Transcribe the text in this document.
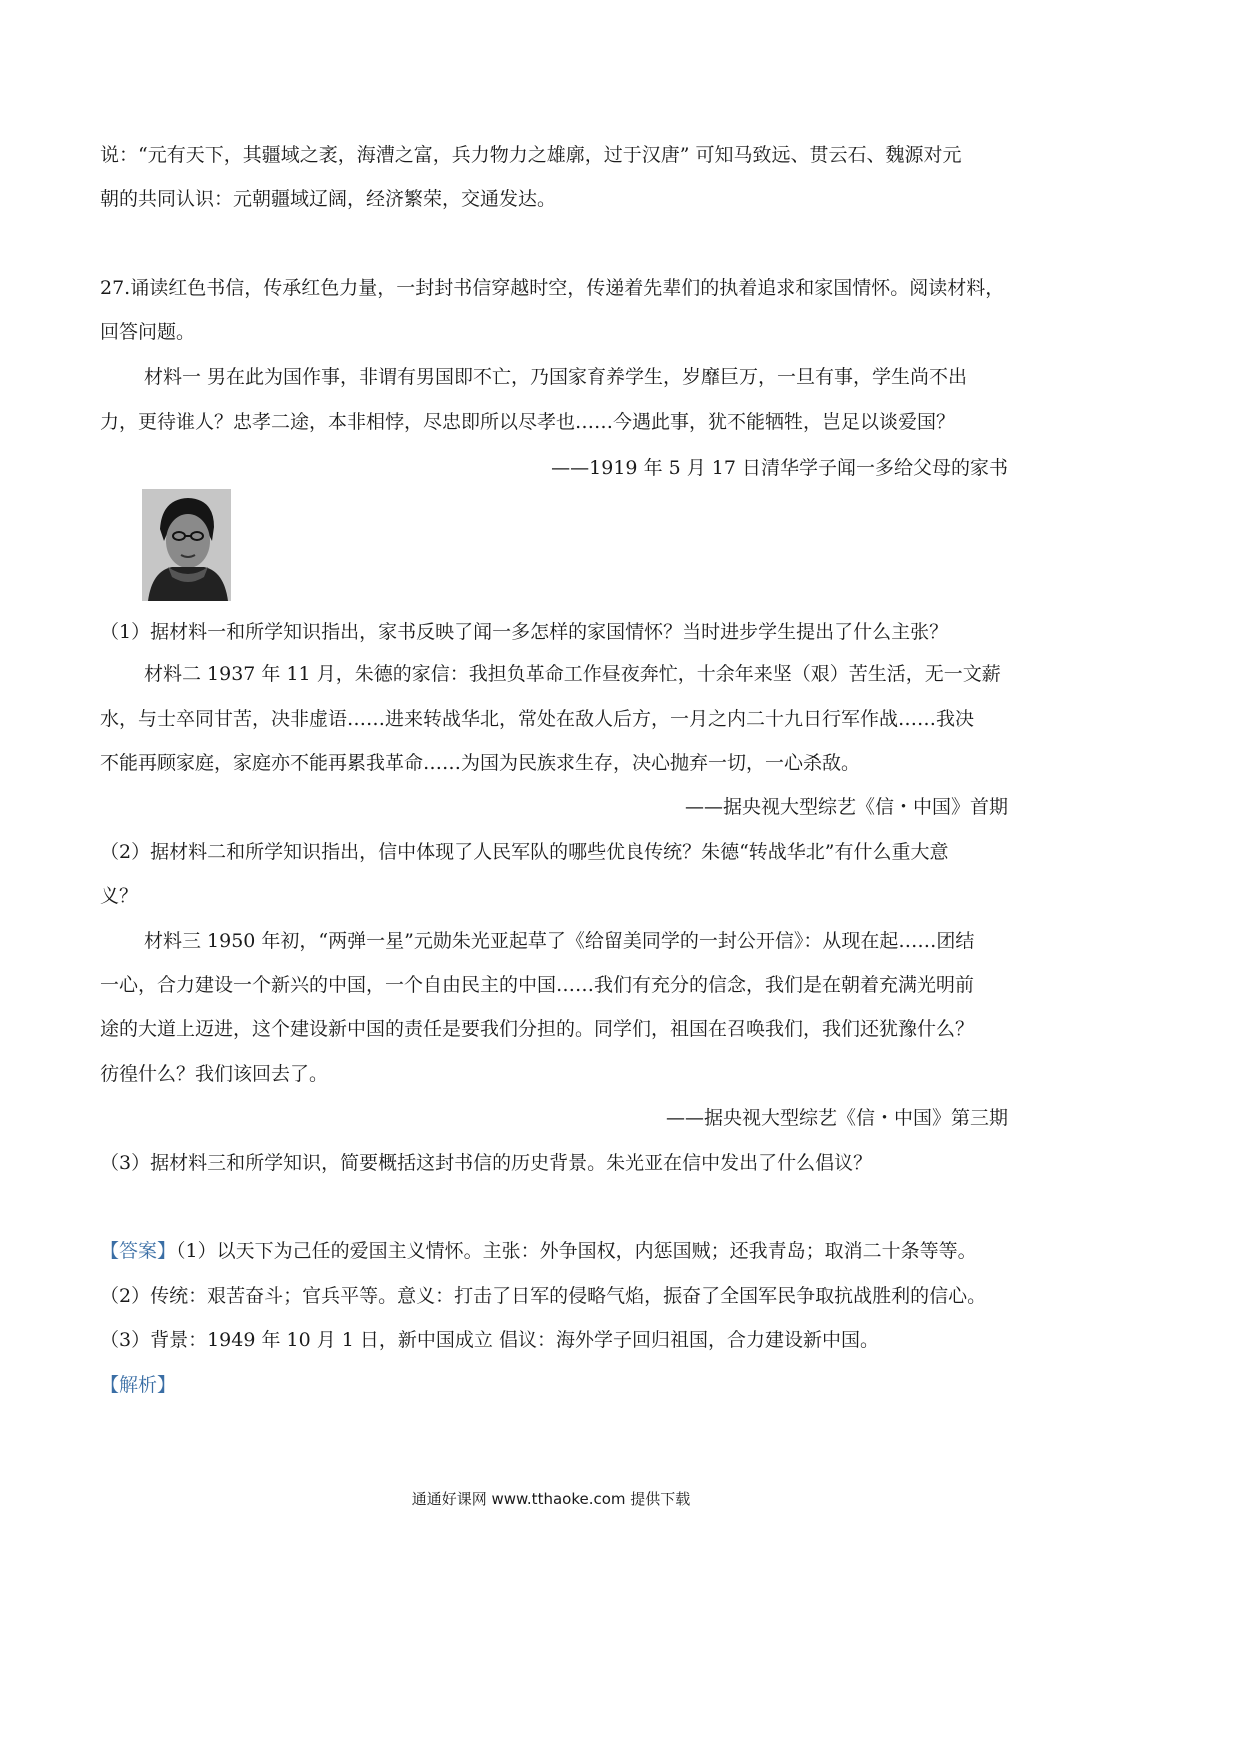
说：“元有天下，其疆域之袤，海漕之富，兵力物力之雄廓，过于汉唐” 可知马致远、贯云石、魏源对元
朝的共同认识：元朝疆域辽阔，经济繁荣，交通发达。
27.诵读红色书信，传承红色力量，一封封书信穿越时空，传递着先辈们的执着追求和家国情怀。阅读材料，
回答问题。
材料一 男在此为国作事，非谓有男国即不亡，乃国家育养学生，岁靡巨万，一旦有事，学生尚不出
力，更待谁人？忠孝二途，本非相悖，尽忠即所以尽孝也……今遇此事，犹不能牺牲，岂足以谈爱国？
——1919 年 5 月 17 日清华学子闻一多给父母的家书
（1）据材料一和所学知识指出，家书反映了闻一多怎样的家国情怀？当时进步学生提出了什么主张？
材料二 1937 年 11 月，朱德的家信：我担负革命工作昼夜奔忙，十余年来坚（艰）苦生活，无一文薪
水，与士卒同甘苦，决非虚语……进来转战华北，常处在敌人后方，一月之内二十九日行军作战……我决
不能再顾家庭，家庭亦不能再累我革命……为国为民族求生存，决心抛弃一切，一心杀敌。
——据央视大型综艺《信・中国》首期
（2）据材料二和所学知识指出，信中体现了人民军队的哪些优良传统？朱德“转战华北”有什么重大意
义？
材料三 1950 年初，“两弹一星”元勋朱光亚起草了《给留美同学的一封公开信》：从现在起……团结
一心，合力建设一个新兴的中国，一个自由民主的中国……我们有充分的信念，我们是在朝着充满光明前
途的大道上迈进，这个建设新中国的责任是要我们分担的。同学们，祖国在召唤我们，我们还犹豫什么？
彷徨什么？我们该回去了。
——据央视大型综艺《信・中国》第三期
（3）据材料三和所学知识，简要概括这封书信的历史背景。朱光亚在信中发出了什么倡议？
【答案】（1）以天下为己任的爱国主义情怀。主张：外争国权，内惩国贼；还我青岛；取消二十条等等。
（2）传统：艰苦奋斗；官兵平等。意义：打击了日军的侵略气焰，振奋了全国军民争取抗战胜利的信心。
（3）背景：1949 年 10 月 1 日，新中国成立 倡议：海外学子回归祖国，合力建设新中国。
【解析】
通通好课网 www.tthaoke.com 提供下载
